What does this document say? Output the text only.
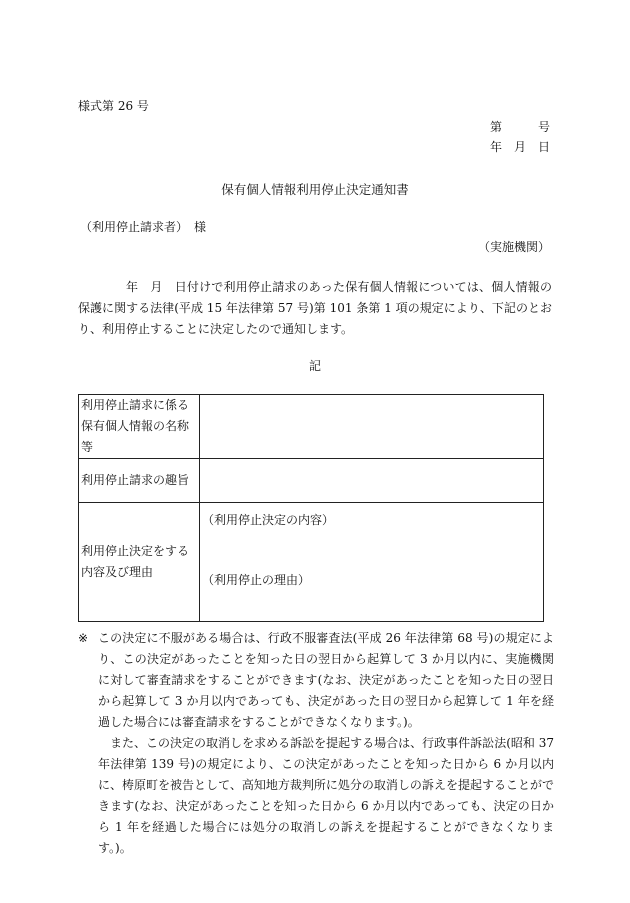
様式第 26 号
第　　　号
年　月　日
保有個人情報利用停止決定通知書
（利用停止請求者）　様
（実施機関）

年　月　日付けで利用停止請求のあった保有個人情報については、個人情報の保護に関する法律(平成 15 年法律第 57 号)第 101 条第 1 項の規定により、下記のとおり、利用停止することに決定したので通知します。

記
利用停止請求に係る保有個人情報の名称等	
利用停止請求の趣旨	
利用停止決定をする内容及び理由	（利用停止決定の内容）
（利用停止の理由）
※ この決定に不服がある場合は、行政不服審査法(平成 26 年法律第 68 号)の規定により、この決定があったことを知った日の翌日から起算して 3 か月以内に、実施機関に対して審査請求をすることができます(なお、決定があったことを知った日の翌日から起算して 3 か月以内であっても、決定があった日の翌日から起算して 1 年を経過した場合には審査請求をすることができなくなります。)。
また、この決定の取消しを求める訴訟を提起する場合は、行政事件訴訟法(昭和 37 年法律第 139 号)の規定により、この決定があったことを知った日から 6 か月以内に、梼原町を被告として、高知地方裁判所に処分の取消しの訴えを提起することができます(なお、決定があったことを知った日から 6 か月以内であっても、決定の日から 1 年を経過した場合には処分の取消しの訴えを提起することができなくなります。)。
